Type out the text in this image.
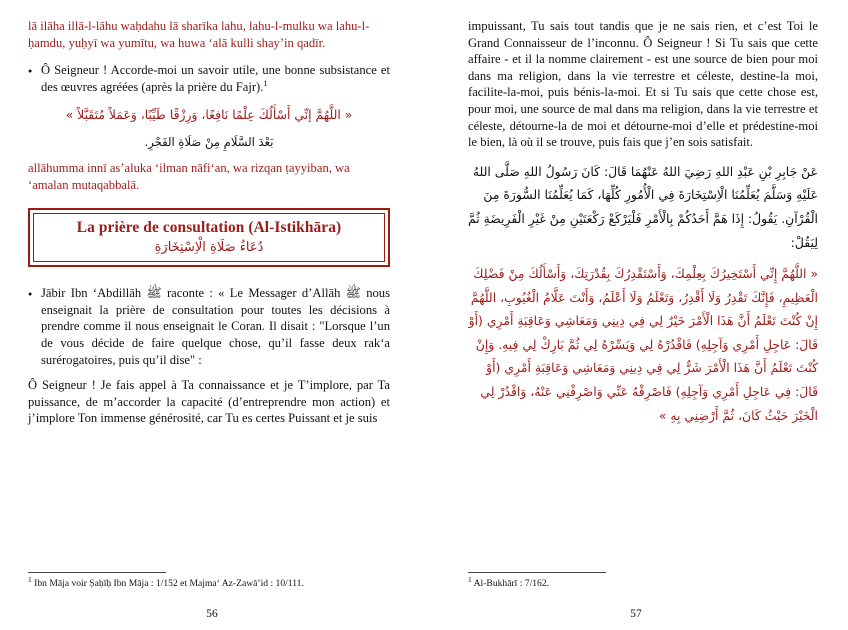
lā ilāha illā-l-lāhu waḥdahu lā sharīka lahu, lahu-l-mulku wa lahu-l-ḥamdu, yuḥyī wa yumītu, wa huwa ‘alā kulli shay’in qadīr.

● Ô Seigneur ! Accorde-moi un savoir utile, une bonne subsistance et des œuvres agréées (après la prière du Fajr).$^1$

« اللَّهُمَّ إنِّي أَسْأَلُكَ عِلْمًا نَافِعًا، وَرِزْقًا طَيِّبًا، وَعَمَلاً مُتَقَبَّلاً »

بَعْدَ السَّلَامِ مِنْ صَلَاةِ الفَجْرِ.

allāhumma innī as’aluka ‘ilman nāfi‘an, wa rizqan ṭayyiban, wa ‘amalan mutaqabbalā.

La prière de consultation (Al-Istikhāra)
دُعَاءُ صَلَاةِ الْاِسْتِخَارَةِ
● Jābir Ibn ‘Abdillāh ﷺ raconte : « Le Messager d’Allāh ﷺ nous enseignait la prière de consultation pour toutes les décisions à prendre comme il nous enseignait le Coran. Il disait : "Lorsque l’un de vous décide de faire quelque chose, qu’il fasse deux rak‘a surérogatoires, puis qu’il dise" :

Ô Seigneur ! Je fais appel à Ta connaissance et je T’implore, par Ta puissance, de m’accorder la capacité (d’entreprendre mon action) et j’implore Ton immense générosité, car Tu es certes Puissant et je suis

$^1$ Ibn Māja voir Ṣaḥīḥ Ibn Māja : 1/152 et Majma‘ Az-Zawā’id : 10/111.
56

impuissant, Tu sais tout tandis que je ne sais rien, et c’est Toi le Grand Connaisseur de l’inconnu. Ô Seigneur ! Si Tu sais que cette affaire - et il la nomme clairement - est une source de bien pour moi dans ma religion, dans la vie terrestre et céleste, destine-la moi, facilite-la-moi, puis bénis-la-moi. Et si Tu sais que cette chose est, pour moi, une source de mal dans ma religion, dans la vie terrestre et céleste, détourne-la de moi et détourne-moi d’elle et prédestine-moi le bien, là où il se trouve, puis fais que j’en sois satisfait.

عَنْ جَابِرِ بْنِ عَبْدِ اللهِ رَضِيَ اللهُ عَنْهُمَا قَالَ: كَانَ رَسُولُ اللهِ صَلَّى اللهُ عَلَيْهِ وَسَلَّمَ يُعَلِّمُنَا الْاِسْتِخَارَةَ فِي الْأُمُورِ كُلِّهَا، كَمَا يُعَلِّمُنَا السُّورَةَ مِنَ الْقُرْآنِ. يَقُولُ: إِذَا هَمَّ أَحَدُكُمْ بِالْأَمْرِ فَلْيَرْكَعْ رَكْعَتَيْنِ مِنْ غَيْرِ الْفَرِيضَةِ ثُمَّ لِيَقُلْ:

« اللَّهُمَّ إِنِّي أَسْتَخِيرُكَ بِعِلْمِكَ، وَأَسْتَقْدِرُكَ بِقُدْرَتِكَ، وَأَسْأَلُكَ مِنْ فَضْلِكَ الْعَظِيمِ، فَإِنَّكَ تَقْدِرُ وَلَا أَقْدِرُ، وَتَعْلَمُ وَلَا أَعْلَمُ، وَأَنْتَ عَلَّامُ الْغُيُوبِ، اللَّهُمَّ إِنْ كُنْتَ تَعْلَمُ أَنَّ هَذَا الْأَمْرَ خَيْرٌ لِي فِي دِينِي وَمَعَاشِي وَعَاقِبَةِ أَمْرِي (أَوْ قَالَ: عَاجِلِ أَمْرِي وَآجِلِهِ) فَاقْدُرْهُ لِي وَيَسِّرْهُ لِي ثُمَّ بَارِكْ لِي فِيهِ. وَإِنْ كُنْتَ تَعْلَمُ أَنَّ هَذَا الْأَمْرَ شَرٌّ لِي فِي دِينِي وَمَعَاشِي وَعَاقِبَةِ أَمْرِي (أَوْ قَالَ: فِي عَاجِلِ أَمْرِي وَآجِلِهِ) فَاصْرِفْهُ عَنِّي وَاصْرِفْنِي عَنْهُ، وَاقْدُرْ لِي الْخَيْرَ حَيْثُ كَانَ، ثُمَّ أَرْضِنِي بِهِ »

$^1$ Al-Bukhārī : 7/162.
57
